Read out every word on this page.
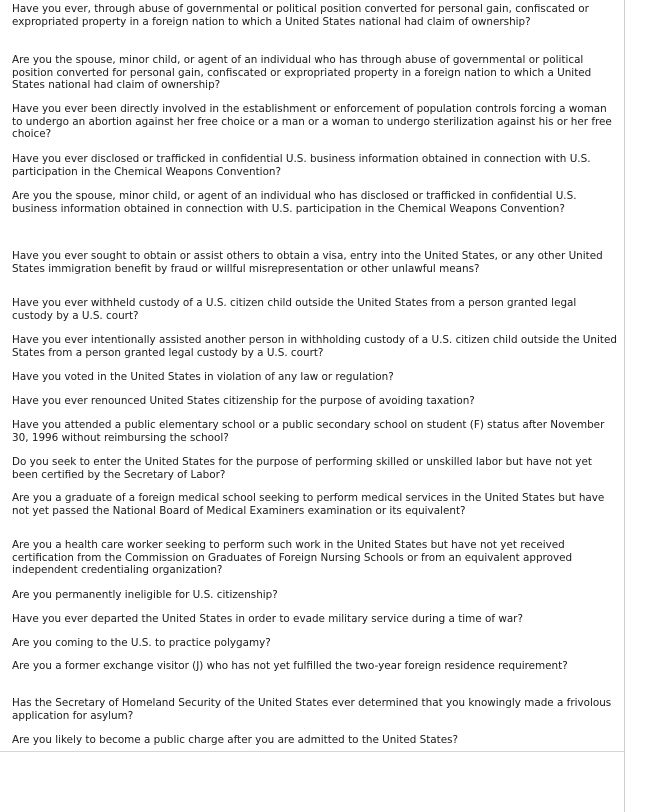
Have you ever, through abuse of governmental or political position converted for personal gain, confiscated or expropriated property in a foreign nation to which a United States national had claim of ownership?

Are you the spouse, minor child, or agent of an individual who has through abuse of governmental or political position converted for personal gain, confiscated or expropriated property in a foreign nation to which a United States national had claim of ownership?

Have you ever been directly involved in the establishment or enforcement of population controls forcing a woman to undergo an abortion against her free choice or a man or a woman to undergo sterilization against his or her free choice?

Have you ever disclosed or trafficked in confidential U.S. business information obtained in connection with U.S. participation in the Chemical Weapons Convention?

Are you the spouse, minor child, or agent of an individual who has disclosed or trafficked in confidential U.S. business information obtained in connection with U.S. participation in the Chemical Weapons Convention?

Have you ever sought to obtain or assist others to obtain a visa, entry into the United States, or any other United States immigration benefit by fraud or willful misrepresentation or other unlawful means?

Have you ever withheld custody of a U.S. citizen child outside the United States from a person granted legal custody by a U.S. court?

Have you ever intentionally assisted another person in withholding custody of a U.S. citizen child outside the United States from a person granted legal custody by a U.S. court?

Have you voted in the United States in violation of any law or regulation?

Have you ever renounced United States citizenship for the purpose of avoiding taxation?

Have you attended a public elementary school or a public secondary school on student (F) status after November 30, 1996 without reimbursing the school?

Do you seek to enter the United States for the purpose of performing skilled or unskilled labor but have not yet been certified by the Secretary of Labor?

Are you a graduate of a foreign medical school seeking to perform medical services in the United States but have not yet passed the National Board of Medical Examiners examination or its equivalent?

Are you a health care worker seeking to perform such work in the United States but have not yet received certification from the Commission on Graduates of Foreign Nursing Schools or from an equivalent approved independent credentialing organization?

Are you permanently ineligible for U.S. citizenship?

Have you ever departed the United States in order to evade military service during a time of war?

Are you coming to the U.S. to practice polygamy?

Are you a former exchange visitor (J) who has not yet fulfilled the two-year foreign residence requirement?

Has the Secretary of Homeland Security of the United States ever determined that you knowingly made a frivolous application for asylum?

Are you likely to become a public charge after you are admitted to the United States?
